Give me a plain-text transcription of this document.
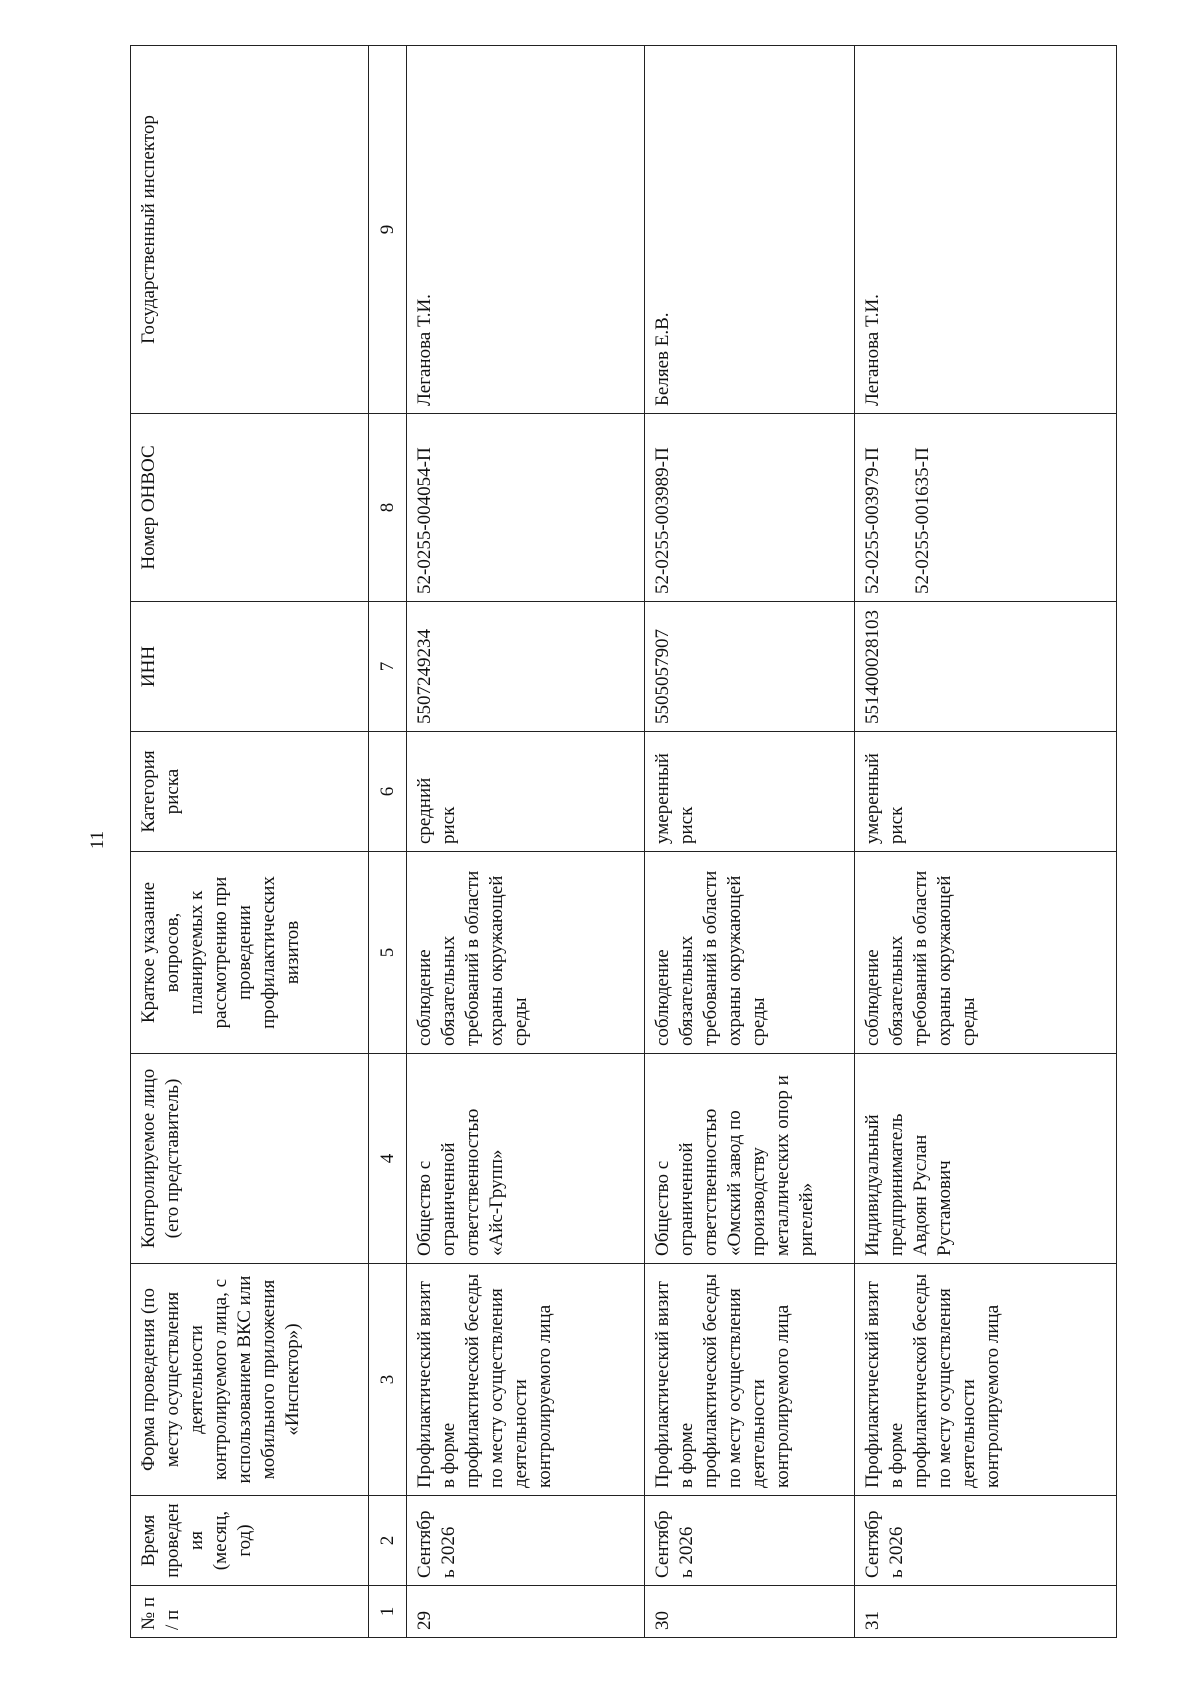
11
№ п / п	Время проведения (месяц, год)	Форма проведения (по месту осуществления деятельности контролируемого лица, с использованием ВКС или мобильного приложения «Инспектор»)	Контролируемое лицо (его представитель)	Краткое указание вопросов, планируемых к рассмотрению при проведении профилактических визитов	Категория риска	ИНН	Номер ОНВОС	Государственный инспектор
1	2	3	4	5	6	7	8	9
29	Сентябрь 2026	Профилактический визит в форме профилактической беседы по месту осуществления деятельности контролируемого лица	Общество с ограниченной ответственностью «Айс-Групп»	соблюдение обязательных требований в области охраны окружающей среды	средний риск	5507249234	52-0255-004054-П	Леганова Т.И.
30	Сентябрь 2026	Профилактический визит в форме профилактической беседы по месту осуществления деятельности контролируемого лица	Общество с ограниченной ответственностью «Омский завод по производству металлических опор и ригелей»	соблюдение обязательных требований в области охраны окружающей среды	умеренный риск	5505057907	52-0255-003989-П	Беляев Е.В.
31	Сентябрь 2026	Профилактический визит в форме профилактической беседы по месту осуществления деятельности контролируемого лица	Индивидуальный предприниматель Авдоян Руслан Рустамович	соблюдение обязательных требований в области охраны окружающей среды	умеренный риск	551400028103	52-0255-003979-П 52-0255-001635-П	Леганова Т.И.
